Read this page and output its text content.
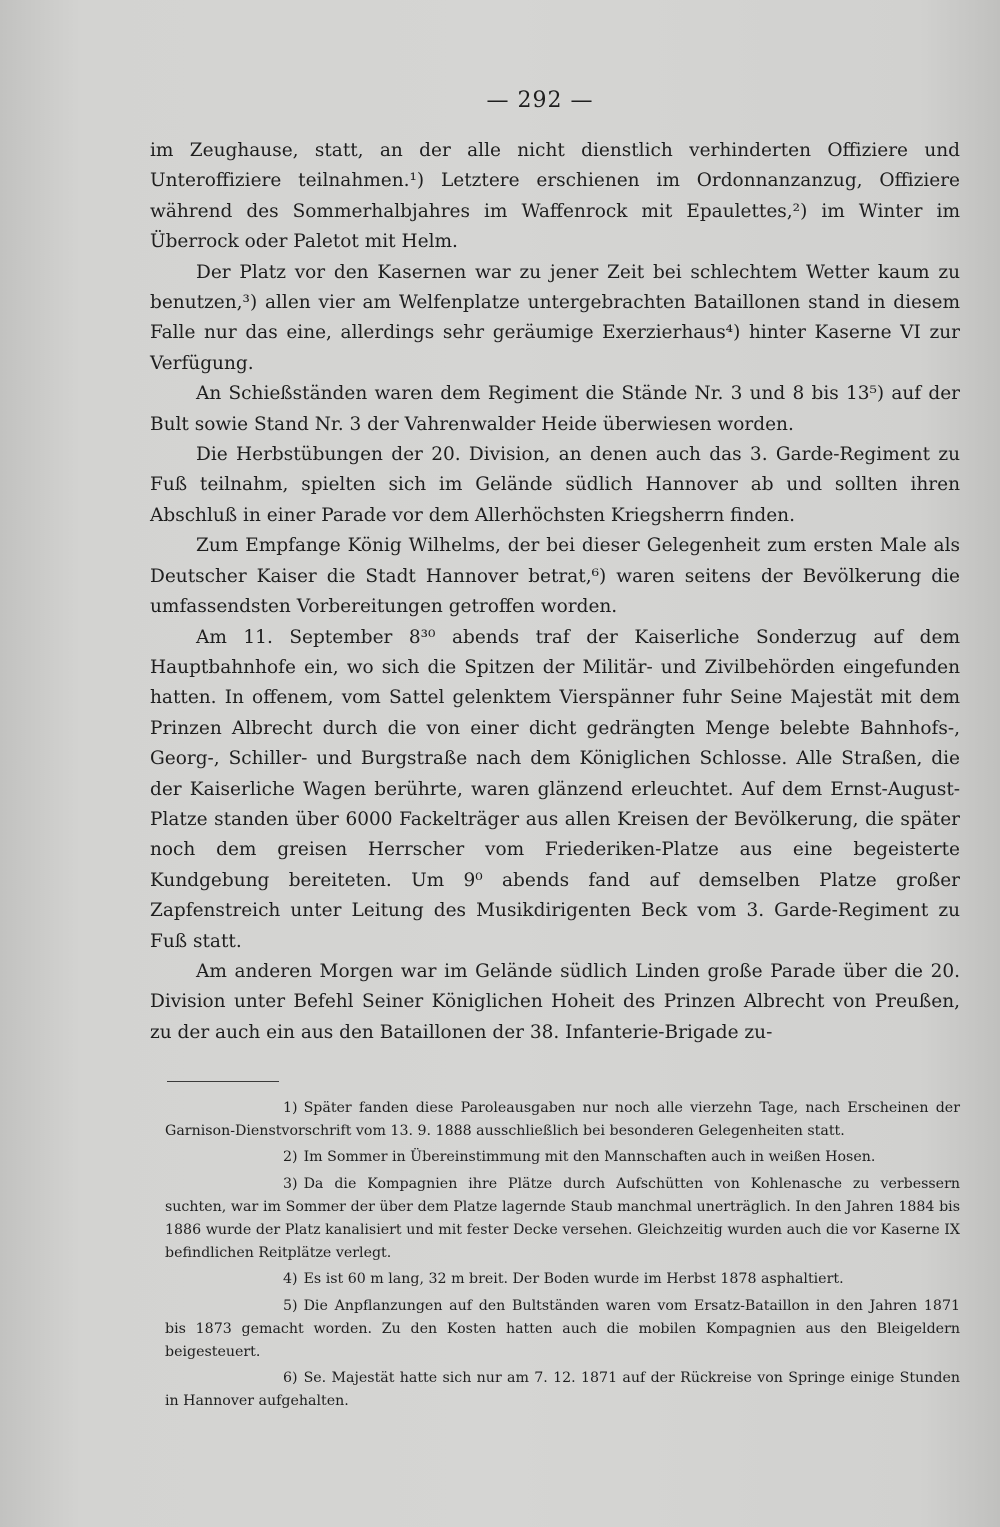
— 292 —

im Zeughause, statt, an der alle nicht dienstlich verhinderten Offiziere und Unteroffiziere teilnahmen.¹) Letztere erschienen im Ordonnanzanzug, Offiziere während des Sommerhalbjahres im Waffenrock mit Epaulettes,²) im Winter im Überrock oder Paletot mit Helm.

Der Platz vor den Kasernen war zu jener Zeit bei schlechtem Wetter kaum zu benutzen,³) allen vier am Welfenplatze untergebrachten Bataillonen stand in diesem Falle nur das eine, allerdings sehr geräumige Exerzierhaus⁴) hinter Kaserne VI zur Verfügung.

An Schießständen waren dem Regiment die Stände Nr. 3 und 8 bis 13⁵) auf der Bult sowie Stand Nr. 3 der Vahrenwalder Heide überwiesen worden.

Die Herbstübungen der 20. Division, an denen auch das 3. Garde-Regiment zu Fuß teilnahm, spielten sich im Gelände südlich Hannover ab und sollten ihren Abschluß in einer Parade vor dem Allerhöchsten Kriegsherrn finden.

Zum Empfange König Wilhelms, der bei dieser Gelegenheit zum ersten Male als Deutscher Kaiser die Stadt Hannover betrat,⁶) waren seitens der Bevölkerung die umfassendsten Vorbereitungen getroffen worden.

Am 11. September 8³⁰ abends traf der Kaiserliche Sonderzug auf dem Hauptbahnhofe ein, wo sich die Spitzen der Militär- und Zivilbehörden eingefunden hatten. In offenem, vom Sattel gelenktem Vierspänner fuhr Seine Majestät mit dem Prinzen Albrecht durch die von einer dicht gedrängten Menge belebte Bahnhofs-, Georg-, Schiller- und Burgstraße nach dem Königlichen Schlosse. Alle Straßen, die der Kaiserliche Wagen berührte, waren glänzend erleuchtet. Auf dem Ernst-August-Platze standen über 6000 Fackelträger aus allen Kreisen der Bevölkerung, die später noch dem greisen Herrscher vom Friederiken-Platze aus eine begeisterte Kundgebung bereiteten. Um 9⁰ abends fand auf demselben Platze großer Zapfenstreich unter Leitung des Musikdirigenten Beck vom 3. Garde-Regiment zu Fuß statt.

Am anderen Morgen war im Gelände südlich Linden große Parade über die 20. Division unter Befehl Seiner Königlichen Hoheit des Prinzen Albrecht von Preußen, zu der auch ein aus den Bataillonen der 38. Infanterie-Brigade zu-

1) Später fanden diese Paroleausgaben nur noch alle vierzehn Tage, nach Erscheinen der Garnison-Dienstvorschrift vom 13. 9. 1888 ausschließlich bei besonderen Gelegenheiten statt.

2) Im Sommer in Übereinstimmung mit den Mannschaften auch in weißen Hosen.

3) Da die Kompagnien ihre Plätze durch Aufschütten von Kohlenasche zu verbessern suchten, war im Sommer der über dem Platze lagernde Staub manchmal unerträglich. In den Jahren 1884 bis 1886 wurde der Platz kanalisiert und mit fester Decke versehen. Gleichzeitig wurden auch die vor Kaserne IX befindlichen Reitplätze verlegt.

4) Es ist 60 m lang, 32 m breit. Der Boden wurde im Herbst 1878 asphaltiert.

5) Die Anpflanzungen auf den Bultständen waren vom Ersatz-Bataillon in den Jahren 1871 bis 1873 gemacht worden. Zu den Kosten hatten auch die mobilen Kompagnien aus den Bleigeldern beigesteuert.

6) Se. Majestät hatte sich nur am 7. 12. 1871 auf der Rückreise von Springe einige Stunden in Hannover aufgehalten.
